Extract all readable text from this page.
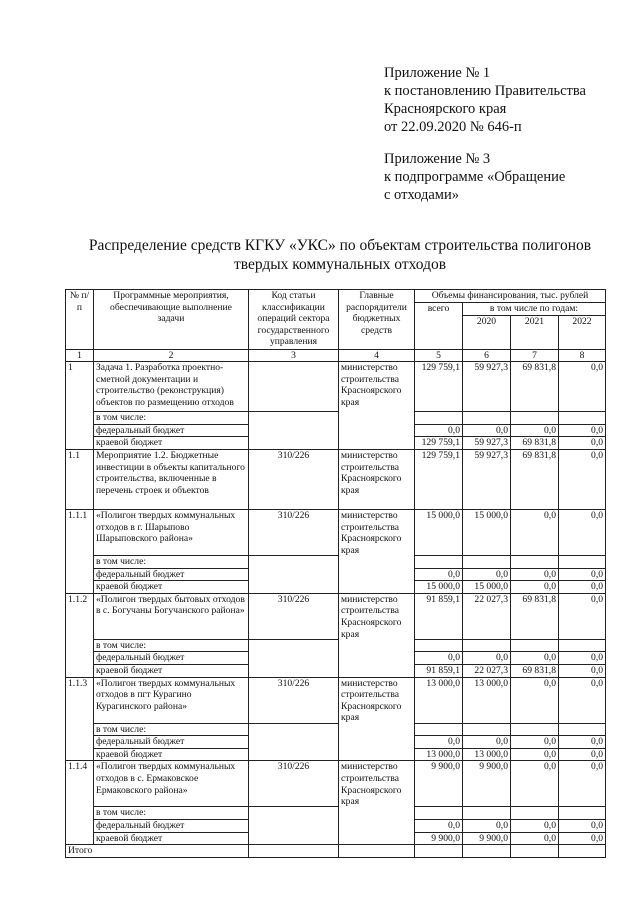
Приложение № 1
к постановлению Правительства
Красноярского края
от 22.09.2020 № 646-п
Приложение № 3
к подпрограмме «Обращение
с отходами»
Распределение средств КГКУ «УКС» по объектам строительства полигонов
твердых коммунальных отходов
№ п/п	Программные мероприятия, обеспечивающие выполнение задачи	Код статьи классификации операций сектора государственного управления	Главные распорядители бюджетных средств	Объемы финансирования, тыс. рублей			
				всего	в том числе по годам:		
					2020	2021	2022
1	2	3	4	5	6	7	8
1	Задача 1. Разработка проектно-сметной документации и строительство (реконструкция) объектов по размещению отходов		министерство строительства Красноярского края	129 759,1	59 927,3	69 831,8	0,0
	в том числе:						
	федеральный бюджет			0,0	0,0	0,0	0,0
	краевой бюджет			129 759,1	59 927,3	69 831,8	0,0
1.1	Мероприятие 1.2. Бюджетные инвестиции в объекты капитального строительства, включенные в перечень строек и объектов	310/226	министерство строительства Красноярского края	129 759,1	59 927,3	69 831,8	0,0
1.1.1	«Полигон твердых коммунальных отходов в г. Шарыпово Шарыповского района»	310/226	министерство строительства Красноярского края	15 000,0	15 000,0	0,0	0,0
	в том числе:						
	федеральный бюджет			0,0	0,0	0,0	0,0
	краевой бюджет			15 000,0	15 000,0	0,0	0,0
1.1.2	«Полигон твердых бытовых отходов в с. Богучаны Богучанского района»	310/226	министерство строительства Красноярского края	91 859,1	22 027,3	69 831,8	0,0
	в том числе:						
	федеральный бюджет			0,0	0,0	0,0	0,0
	краевой бюджет			91 859,1	22 027,3	69 831,8	0,0
1.1.3	«Полигон твердых коммунальных отходов в пгт Курагино Курагинского района»	310/226	министерство строительства Красноярского края	13 000,0	13 000,0	0,0	0,0
	в том числе:						
	федеральный бюджет			0,0	0,0	0,0	0,0
	краевой бюджет			13 000,0	13 000,0	0,0	0,0
1.1.4	«Полигон твердых коммунальных отходов в с. Ермаковское Ермаковского района»	310/226	министерство строительства Красноярского края	9 900,0	9 900,0	0,0	0,0
	в том числе:						
	федеральный бюджет			0,0	0,0	0,0	0,0
	краевой бюджет			9 900,0	9 900,0	0,0	0,0
Итого							
